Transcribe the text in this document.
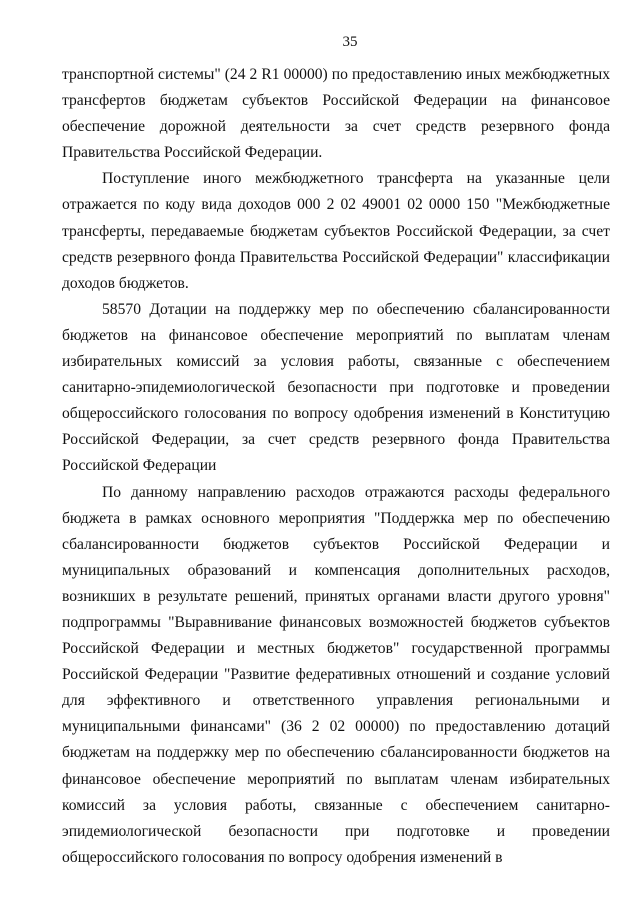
35

транспортной системы" (24 2 R1 00000) по предоставлению иных межбюджетных трансфертов бюджетам субъектов Российской Федерации на финансовое обеспечение дорожной деятельности за счет средств резервного фонда Правительства Российской Федерации.

Поступление иного межбюджетного трансферта на указанные цели отражается по коду вида доходов 000 2 02 49001 02 0000 150 "Межбюджетные трансферты, передаваемые бюджетам субъектов Российской Федерации, за счет средств резервного фонда Правительства Российской Федерации" классификации доходов бюджетов.

58570 Дотации на поддержку мер по обеспечению сбалансированности бюджетов на финансовое обеспечение мероприятий по выплатам членам избирательных комиссий за условия работы, связанные с обеспечением санитарно-эпидемиологической безопасности при подготовке и проведении общероссийского голосования по вопросу одобрения изменений в Конституцию Российской Федерации, за счет средств резервного фонда Правительства Российской Федерации

По данному направлению расходов отражаются расходы федерального бюджета в рамках основного мероприятия "Поддержка мер по обеспечению сбалансированности бюджетов субъектов Российской Федерации и муниципальных образований и компенсация дополнительных расходов, возникших в результате решений, принятых органами власти другого уровня" подпрограммы "Выравнивание финансовых возможностей бюджетов субъектов Российской Федерации и местных бюджетов" государственной программы Российской Федерации "Развитие федеративных отношений и создание условий для эффективного и ответственного управления региональными и муниципальными финансами" (36 2 02 00000) по предоставлению дотаций бюджетам на поддержку мер по обеспечению сбалансированности бюджетов на финансовое обеспечение мероприятий по выплатам членам избирательных комиссий за условия работы, связанные с обеспечением санитарно-эпидемиологической безопасности при подготовке и проведении общероссийского голосования по вопросу одобрения изменений в
